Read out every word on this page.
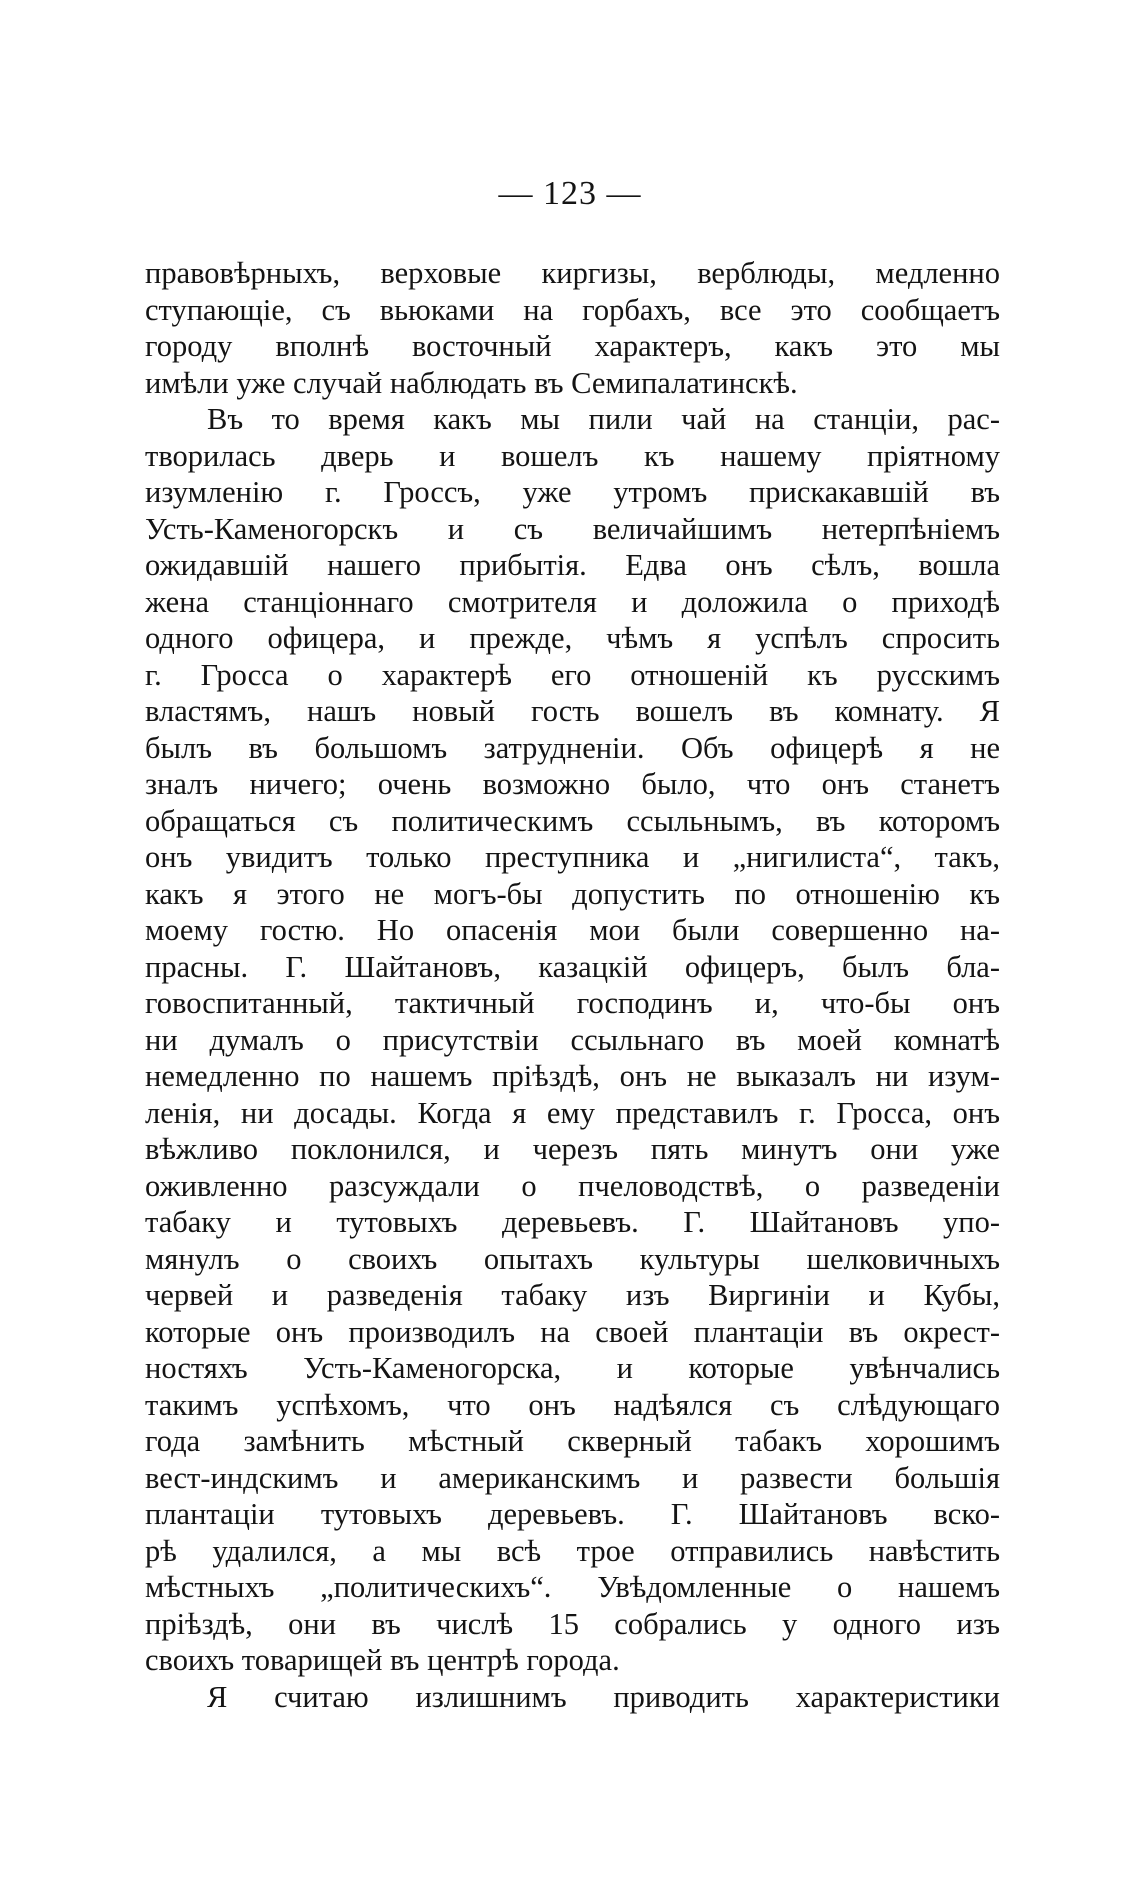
— 123 —
правовѣрныхъ, верховые киргизы, верблюды, медленно
ступающіе, съ вьюками на горбахъ, все это сообщаетъ
городу вполнѣ восточный характеръ, какъ это мы
имѣли уже случай наблюдать въ Семипалатинскѣ.
Въ то время какъ мы пили чай на станціи, рас-
творилась дверь и вошелъ къ нашему пріятному
изумленію г. Гроссъ, уже утромъ прискакавшій въ
Усть-Каменогорскъ и съ величайшимъ нетерпѣніемъ
ожидавшій нашего прибытія. Едва онъ сѣлъ, вошла
жена станціоннаго смотрителя и доложила о приходѣ
одного офицера, и прежде, чѣмъ я успѣлъ спросить
г. Гросса о характерѣ его отношеній къ русскимъ
властямъ, нашъ новый гость вошелъ въ комнату. Я
былъ въ большомъ затрудненіи. Объ офицерѣ я не
зналъ ничего; очень возможно было, что онъ станетъ
обращаться съ политическимъ ссыльнымъ, въ которомъ
онъ увидитъ только преступника и „нигилиста“, такъ,
какъ я этого не могъ-бы допустить по отношенію къ
моему гостю. Но опасенія мои были совершенно на-
прасны. Г. Шайтановъ, казацкій офицеръ, былъ бла-
говоспитанный, тактичный господинъ и, что-бы онъ
ни думалъ о присутствіи ссыльнаго въ моей комнатѣ
немедленно по нашемъ пріѣздѣ, онъ не выказалъ ни изум-
ленія, ни досады. Когда я ему представилъ г. Гросса, онъ
вѣжливо поклонился, и черезъ пять минутъ они уже
оживленно разсуждали о пчеловодствѣ, о разведеніи
табаку и тутовыхъ деревьевъ. Г. Шайтановъ упо-
мянулъ о своихъ опытахъ культуры шелковичныхъ
червей и разведенія табаку изъ Виргиніи и Кубы,
которые онъ производилъ на своей плантаціи въ окрест-
ностяхъ Усть-Каменогорска, и которые увѣнчались
такимъ успѣхомъ, что онъ надѣялся съ слѣдующаго
года замѣнить мѣстный скверный табакъ хорошимъ
вест-индскимъ и американскимъ и развести большія
плантаціи тутовыхъ деревьевъ. Г. Шайтановъ вско-
рѣ удалился, а мы всѣ трое отправились навѣстить
мѣстныхъ „политическихъ“. Увѣдомленные о нашемъ
пріѣздѣ, они въ числѣ 15 собрались у одного изъ
своихъ товарищей въ центрѣ города.
Я считаю излишнимъ приводить характеристики
